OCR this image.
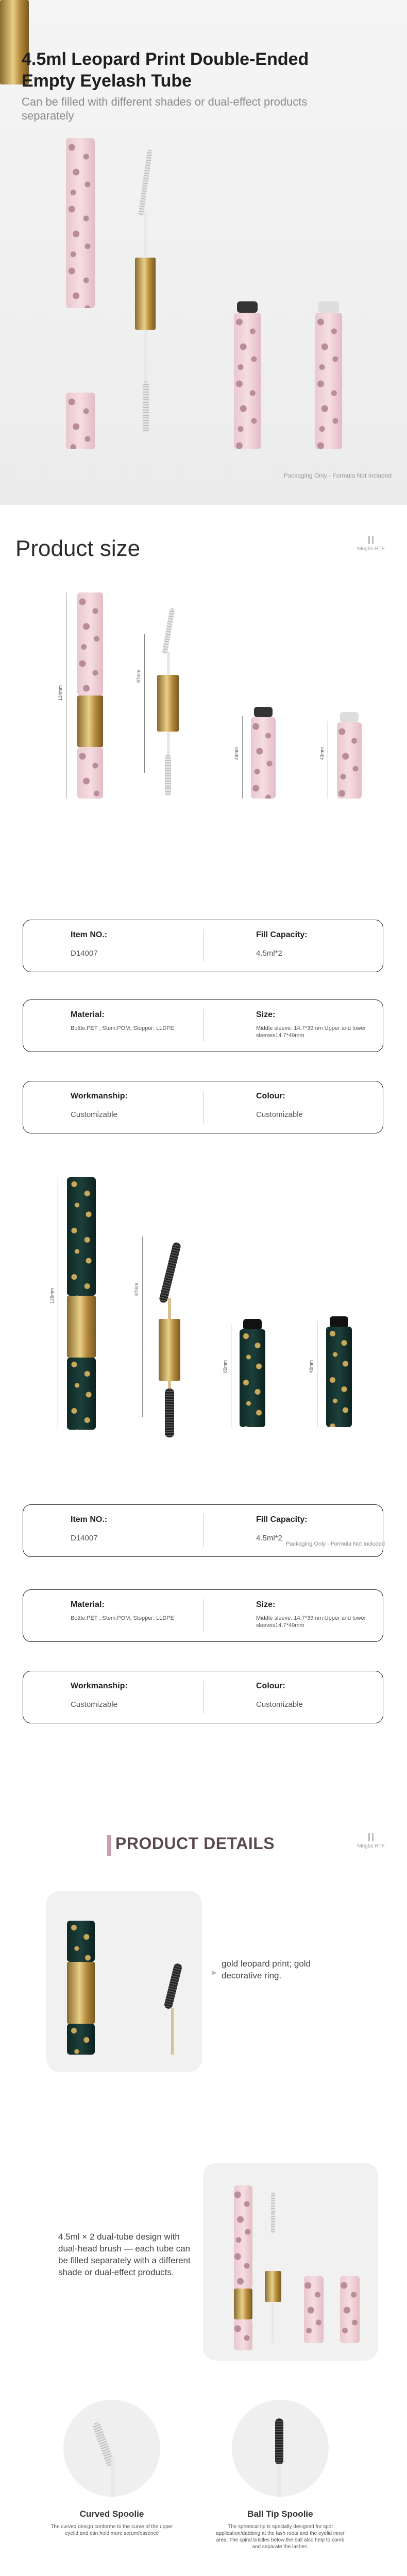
4.5ml Leopard Print Double-Ended Empty Eyelash Tube
Can be filled with different shades or dual-effect products separately
Packaging Only - Formula Not Included
Product size	Ningbo RTF
124mm
87mm
49mm	43mm
Item NO.:
D14007
Fill Capacity:
4.5ml*2
Material:
Bottle:PET ; Stem:POM, Stopper: LLDPE
Size:
Middle sleeve: 14.7*39mm Upper and lower sleeves14.7*49mm
Workmanship:
Customizable
Colour:
Customizable
126mm	87mm
65mm	48mm
Item NO.:
D14007
Fill Capacity:
4.5ml*2
Packaging Only - Formula Not Included
Material:
Bottle:PET ; Stem:POM, Stopper: LLDPE
Size:
Middle sleeve: 14.7*39mm Upper and lower sleeves14.7*49mm
Workmanship:
Customizable
Colour:
Customizable
PRODUCT DETAILS	Ningbo RTF
▸
gold leopard print; gold decorative ring.
4.5ml × 2 dual-tube design with dual-head brush — each tube can be filled separately with a different shade or dual-effect products.
Curved Spoolie
The curved design conforms to the curve of the upper eyelid and can hold more serum/essence
Ball Tip Spoolie
The spherical tip is specially designed for spot application/dabbing at the lash roots and the eyelid inner area. The spiral bristles below the ball also help to comb and separate the lashes.
